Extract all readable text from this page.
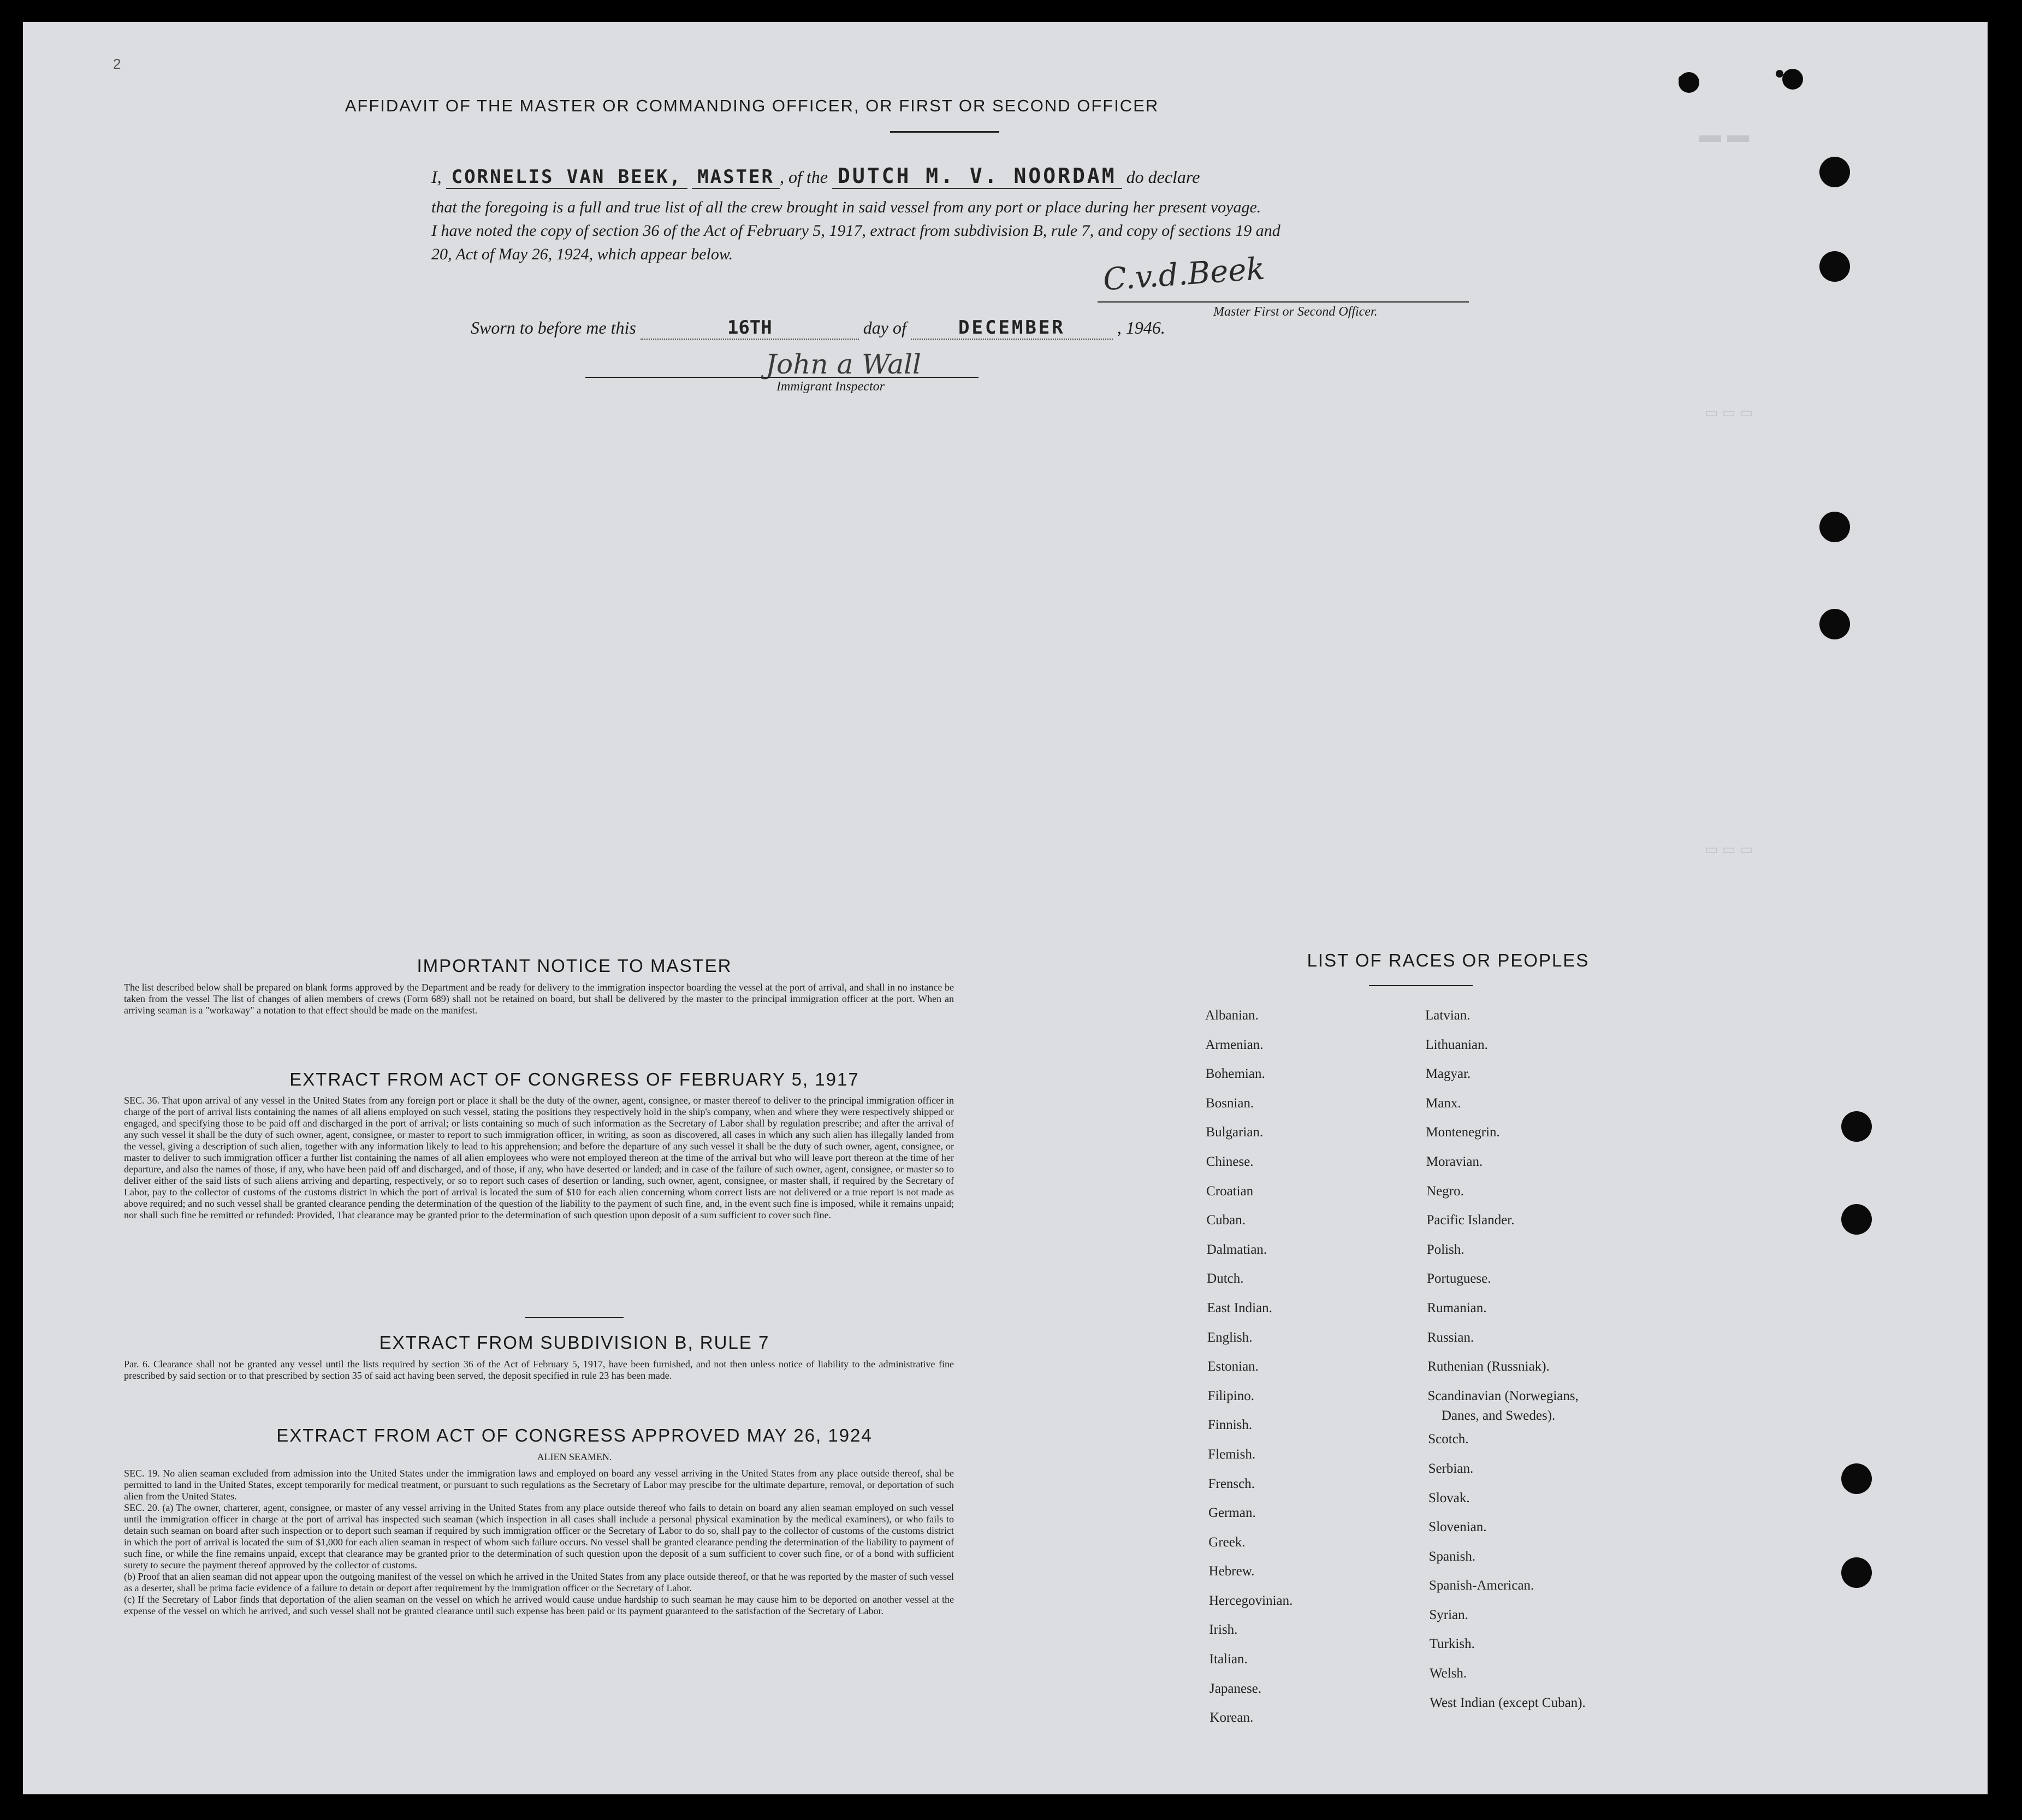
2
▬ ▬
▭ ▭ ▭
▭ ▭ ▭
AFFIDAVIT OF THE MASTER OR COMMANDING OFFICER, OR FIRST OR SECOND OFFICER
I, CORNELIS VAN BEEK, MASTER , of the DUTCH M. V. NOORDAM do declare
that the foregoing is a full and true list of all the crew brought in said vessel from any port or place during her present voyage.
I have noted the copy of section 36 of the Act of February 5, 1917, extract from subdivision B, rule 7, and copy of sections 19 and
20, Act of May 26, 1924, which appear below.	C.v.d.Beek
Master First or Second Officer.
Sworn to before me this	16TH	day of	DECEMBER	, 1946.
John a Wall
Immigrant Inspector
IMPORTANT NOTICE TO MASTER
The list described below shall be prepared on blank forms approved by the Department and be ready for delivery to the immigration inspector boarding the vessel at the port of arrival, and shall in no instance be taken from the vessel The list of changes of alien members of crews (Form 689) shall not be retained on board, but shall be delivered by the master to the principal immigration officer at the port. When an arriving seaman is a "workaway" a notation to that effect should be made on the manifest.
EXTRACT FROM ACT OF CONGRESS OF FEBRUARY 5, 1917
SEC. 36. That upon arrival of any vessel in the United States from any foreign port or place it shall be the duty of the owner, agent, consignee, or master thereof to deliver to the principal immigration officer in charge of the port of arrival lists containing the names of all aliens employed on such vessel, stating the positions they respectively hold in the ship's company, when and where they were respectively shipped or engaged, and specifying those to be paid off and discharged in the port of arrival; or lists containing so much of such information as the Secretary of Labor shall by regulation prescribe; and after the arrival of any such vessel it shall be the duty of such owner, agent, consignee, or master to report to such immigration officer, in writing, as soon as discovered, all cases in which any such alien has illegally landed from the vessel, giving a description of such alien, together with any information likely to lead to his apprehension; and before the departure of any such vessel it shall be the duty of such owner, agent, consignee, or master to deliver to such immigration officer a further list containing the names of all alien employees who were not employed thereon at the time of the arrival but who will leave port thereon at the time of her departure, and also the names of those, if any, who have been paid off and discharged, and of those, if any, who have deserted or landed; and in case of the failure of such owner, agent, consignee, or master so to deliver either of the said lists of such aliens arriving and departing, respectively, or so to report such cases of desertion or landing, such owner, agent, consignee, or master shall, if required by the Secretary of Labor, pay to the collector of customs of the customs district in which the port of arrival is located the sum of $10 for each alien concerning whom correct lists are not delivered or a true report is not made as above required; and no such vessel shall be granted clearance pending the determination of the question of the liability to the payment of such fine, and, in the event such fine is imposed, while it remains unpaid; nor shall such fine be remitted or refunded: Provided, That clearance may be granted prior to the determination of such question upon deposit of a sum sufficient to cover such fine.
EXTRACT FROM SUBDIVISION B, RULE 7
Par. 6. Clearance shall not be granted any vessel until the lists required by section 36 of the Act of February 5, 1917, have been furnished, and not then unless notice of liability to the administrative fine prescribed by said section or to that prescribed by section 35 of said act having been served, the deposit specified in rule 23 has been made.
EXTRACT FROM ACT OF CONGRESS APPROVED MAY 26, 1924
ALIEN SEAMEN.
SEC. 19. No alien seaman excluded from admission into the United States under the immigration laws and employed on board any vessel arriving in the United States from any place outside thereof, shal be permitted to land in the United States, except temporarily for medical treatment, or pursuant to such regulations as the Secretary of Labor may prescibe for the ultimate departure, removal, or deportation of such alien from the United States.
SEC. 20. (a) The owner, charterer, agent, consignee, or master of any vessel arriving in the United States from any place outside thereof who fails to detain on board any alien seaman employed on such vessel until the immigration officer in charge at the port of arrival has inspected such seaman (which inspection in all cases shall include a personal physical examination by the medical examiners), or who fails to detain such seaman on board after such inspection or to deport such seaman if required by such immigration officer or the Secretary of Labor to do so, shall pay to the collector of customs of the customs district in which the port of arrival is located the sum of $1,000 for each alien seaman in respect of whom such failure occurs. No vessel shall be granted clearance pending the determination of the liability to payment of such fine, or while the fine remains unpaid, except that clearance may be granted prior to the determination of such question upon the deposit of a sum sufficient to cover such fine, or of a bond with sufficient surety to secure the payment thereof approved by the collector of customs.
(b) Proof that an alien seaman did not appear upon the outgoing manifest of the vessel on which he arrived in the United States from any place outside thereof, or that he was reported by the master of such vessel as a deserter, shall be prima facie evidence of a failure to detain or deport after requirement by the immigration officer or the Secretary of Labor.
(c) If the Secretary of Labor finds that deportation of the alien seaman on the vessel on which he arrived would cause undue hardship to such seaman he may cause him to be deported on another vessel at the expense of the vessel on which he arrived, and such vessel shall not be granted clearance until such expense has been paid or its payment guaranteed to the satisfaction of the Secretary of Labor.
LIST OF RACES OR PEOPLES
Albanian.
Armenian.
Bohemian.
Bosnian.
Bulgarian.
Chinese.
Croatian
Cuban.
Dalmatian.
Dutch.
East Indian.
English.
Estonian.
Filipino.
Finnish.
Flemish.
Frensch.
German.
Greek.
Hebrew.
Hercegovinian.
Irish.
Italian.
Japanese.
Korean.
Latvian.
Lithuanian.
Magyar.
Manx.
Montenegrin.
Moravian.
Negro.
Pacific Islander.
Polish.
Portuguese.
Rumanian.
Russian.
Ruthenian (Russniak).
Scandinavian (Norwegians,
Danes, and Swedes).
Scotch.
Serbian.
Slovak.
Slovenian.
Spanish.
Spanish-American.
Syrian.
Turkish.
Welsh.
West Indian (except Cuban).
